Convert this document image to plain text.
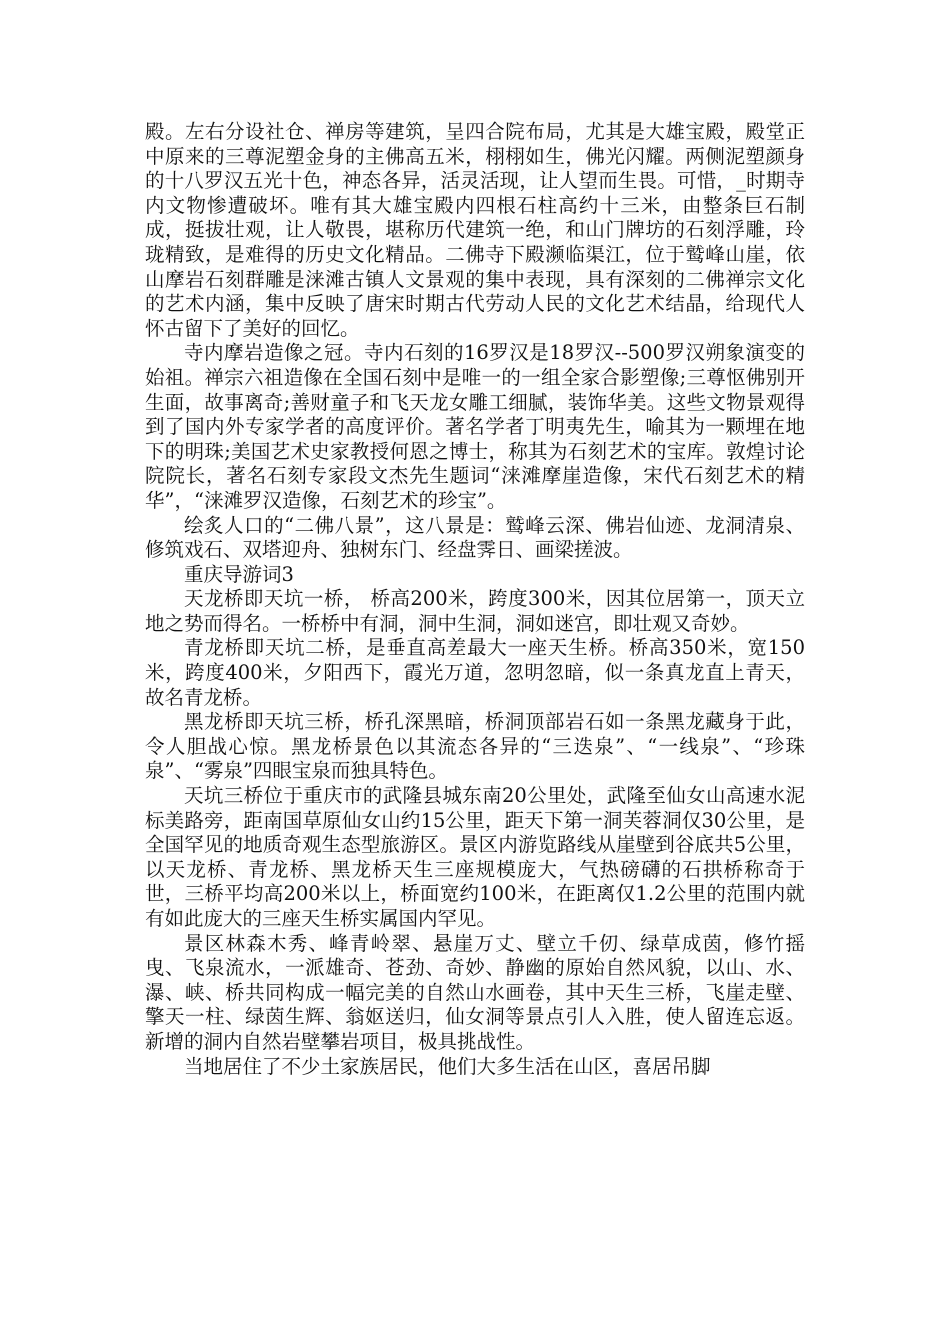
殿。左右分设社仓、禅房等建筑，呈四合院布局，尤其是大雄宝殿，殿堂正中原来的三尊泥塑金身的主佛高五米，栩栩如生，佛光闪耀。两侧泥塑颜身的十八罗汉五光十色，神态各异，活灵活现，让人望而生畏。可惜，_时期寺内文物惨遭破坏。唯有其大雄宝殿内四根石柱高约十三米，由整条巨石制成，挺拔壮观，让人敬畏，堪称历代建筑一绝，和山门牌坊的石刻浮雕，玲珑精致，是难得的历史文化精品。二佛寺下殿濒临渠江，位于鹫峰山崖，依山摩岩石刻群雕是涞滩古镇人文景观的集中表现，具有深刻的二佛禅宗文化的艺术内涵，集中反映了唐宋时期古代劳动人民的文化艺术结晶，给现代人怀古留下了美好的回忆。

寺内摩岩造像之冠。寺内石刻的16罗汉是18罗汉--500罗汉朔象演变的始祖。禅宗六祖造像在全国石刻中是唯一的一组全家合影塑像;三尊怄佛别开生面，故事离奇;善财童子和飞天龙女雕工细腻，装饰华美。这些文物景观得到了国内外专家学者的高度评价。著名学者丁明夷先生，喻其为一颗埋在地下的明珠;美国艺术史家教授何恩之博士，称其为石刻艺术的宝库。敦煌讨论院院长，著名石刻专家段文杰先生题词“涞滩摩崖造像，宋代石刻艺术的精华”，“涞滩罗汉造像，石刻艺术的珍宝”。

绘炙人口的“二佛八景”，这八景是：鹫峰云深、佛岩仙迹、龙洞清泉、修筑戏石、双塔迎舟、独树东门、经盘霁日、画梁搓波。

重庆导游词3

天龙桥即天坑一桥， 桥高200米，跨度300米，因其位居第一，顶天立地之势而得名。一桥桥中有洞，洞中生洞，洞如迷宫，即壮观又奇妙。

青龙桥即天坑二桥，是垂直高差最大一座天生桥。桥高350米，宽150米，跨度400米，夕阳西下，霞光万道，忽明忽暗，似一条真龙直上青天，故名青龙桥。

黑龙桥即天坑三桥，桥孔深黑暗，桥洞顶部岩石如一条黑龙藏身于此，令人胆战心惊。黑龙桥景色以其流态各异的“三迭泉”、“一线泉”、“珍珠泉”、“雾泉”四眼宝泉而独具特色。

天坑三桥位于重庆市的武隆县城东南20公里处，武隆至仙女山高速水泥标美路旁，距南国草原仙女山约15公里，距天下第一洞芙蓉洞仅30公里，是全国罕见的地质奇观生态型旅游区。景区内游览路线从崖壁到谷底共5公里，以天龙桥、青龙桥、黑龙桥天生三座规模庞大，气热磅礴的石拱桥称奇于世，三桥平均高200米以上，桥面宽约100米，在距离仅1.2公里的范围内就有如此庞大的三座天生桥实属国内罕见。

景区林森木秀、峰青岭翠、悬崖万丈、壁立千仞、绿草成茵，修竹摇曳、飞泉流水，一派雄奇、苍劲、奇妙、静幽的原始自然风貌，以山、水、瀑、峡、桥共同构成一幅完美的自然山水画卷，其中天生三桥，飞崖走壁、擎天一柱、绿茵生辉、翁妪送归，仙女洞等景点引人入胜，使人留连忘返。新增的洞内自然岩壁攀岩项目，极具挑战性。

当地居住了不少土家族居民，他们大多生活在山区，喜居吊脚
